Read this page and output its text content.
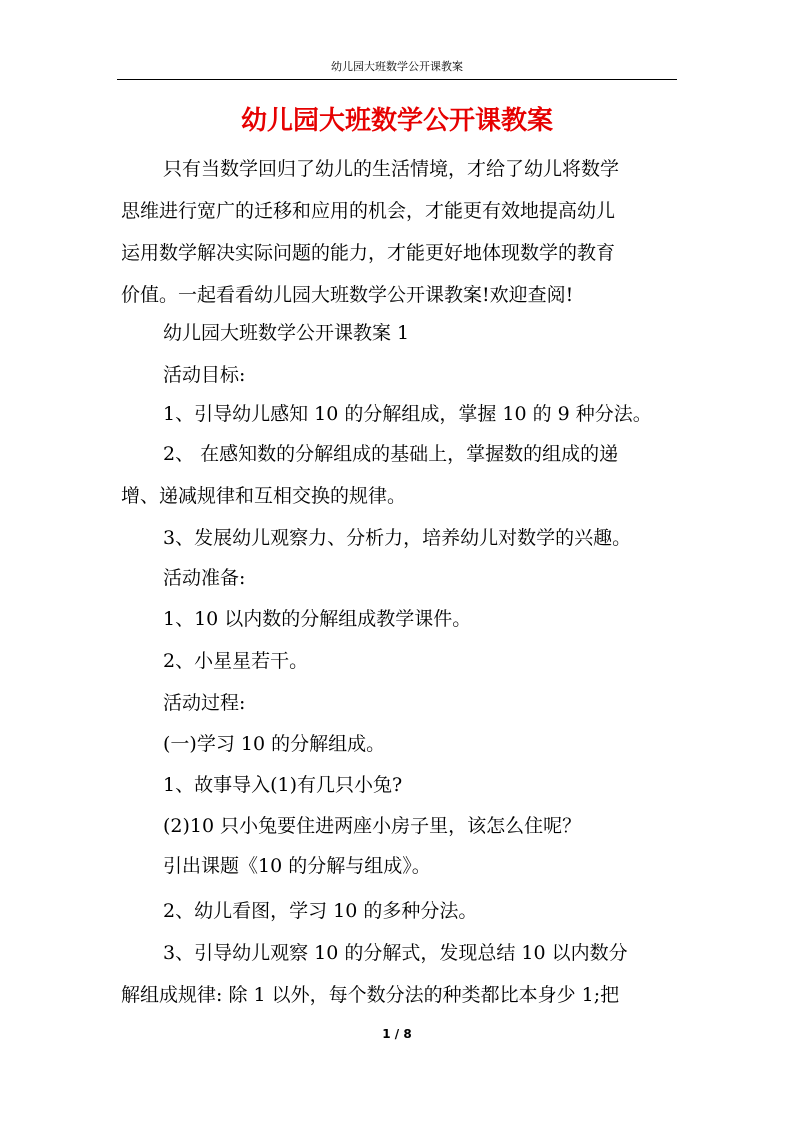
幼儿园大班数学公开课教案
幼儿园大班数学公开课教案

只有当数学回归了幼儿的生活情境，才给了幼儿将数学
思维进行宽广的迁移和应用的机会，才能更有效地提高幼儿
运用数学解决实际问题的能力，才能更好地体现数学的教育
价值。一起看看幼儿园大班数学公开课教案!欢迎查阅!

幼儿园大班数学公开课教案 1

活动目标:

1、引导幼儿感知 10 的分解组成，掌握 10 的 9 种分法。

2、 在感知数的分解组成的基础上，掌握数的组成的递
增、递减规律和互相交换的规律。

3、发展幼儿观察力、分析力，培养幼儿对数学的兴趣。

活动准备:

1、10 以内数的分解组成教学课件。

2、小星星若干。

活动过程:

(一)学习 10 的分解组成。

1、故事导入(1)有几只小兔?

(2)10 只小兔要住进两座小房子里，该怎么住呢？

引出课题《10 的分解与组成》。

2、幼儿看图，学习 10 的多种分法。

3、引导幼儿观察 10 的分解式，发现总结 10 以内数分
解组成规律: 除 1 以外，每个数分法的种类都比本身少 1;把

1 / 8
